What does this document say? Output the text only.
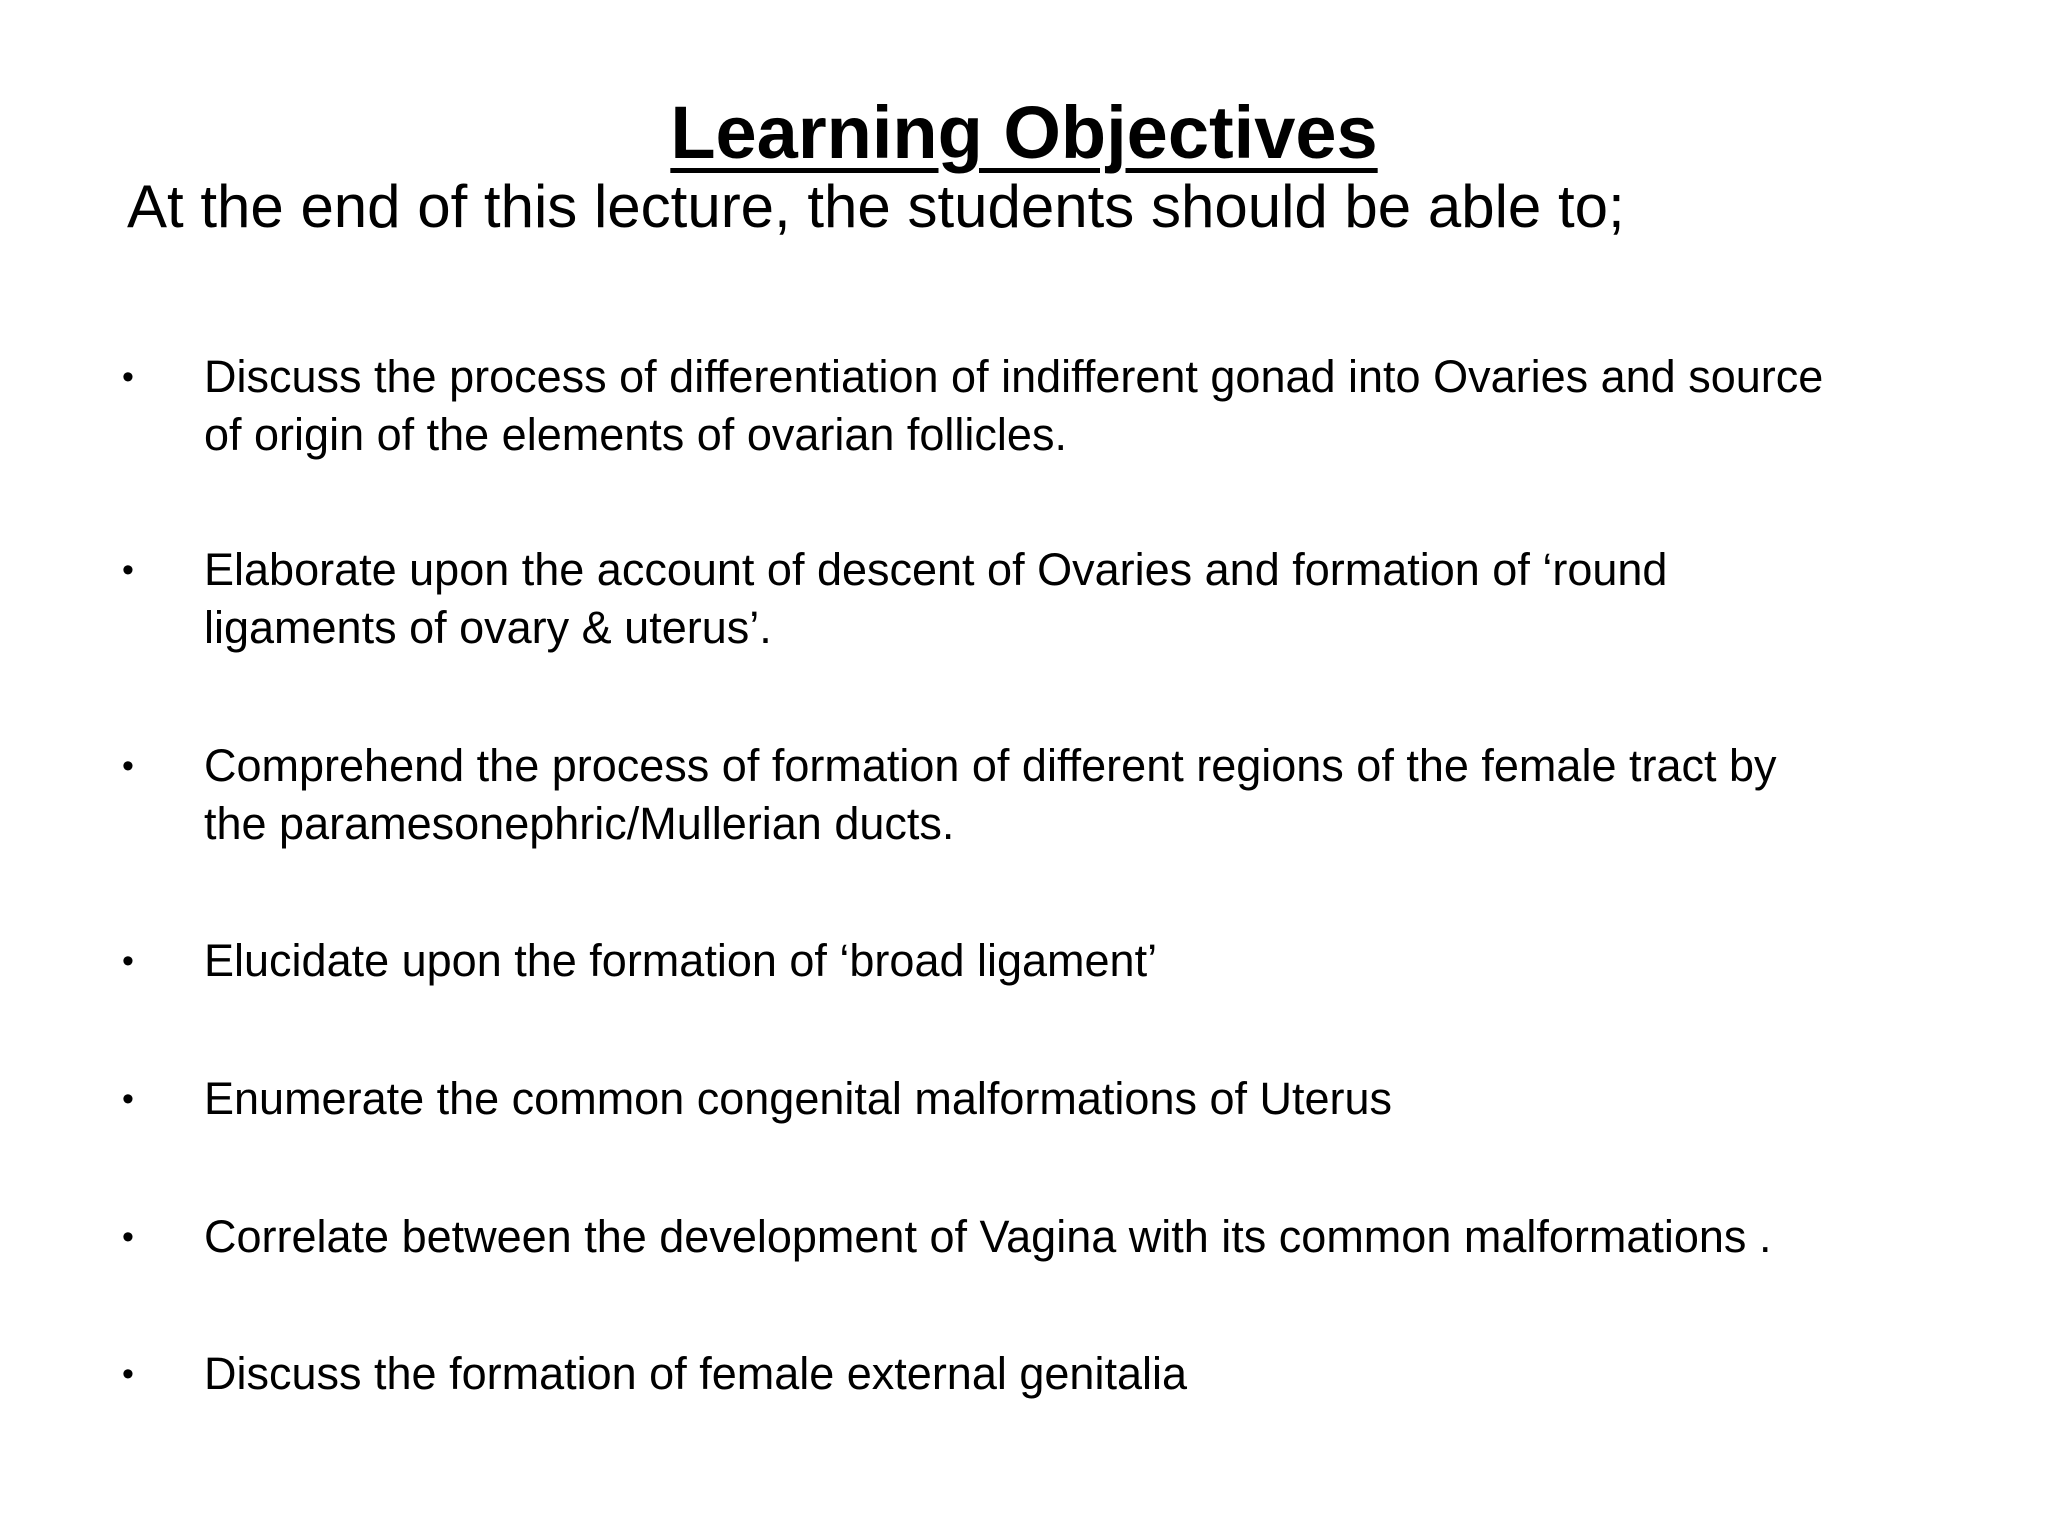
Learning Objectives
At the end of this lecture, the students should be able to;
•	Discuss the process of differentiation of indifferent gonad into Ovaries and source
of origin of the elements of ovarian follicles.
•	Elaborate upon the account of descent of Ovaries and formation of ‘round
ligaments of ovary & uterus’.
•	Comprehend the process of formation of different regions of the female tract by
the paramesonephric/Mullerian ducts.
•	Elucidate upon the formation of ‘broad ligament’
•	Enumerate the common congenital malformations of Uterus
•	Correlate between the development of Vagina with its common malformations .
•	Discuss the formation of female external genitalia
